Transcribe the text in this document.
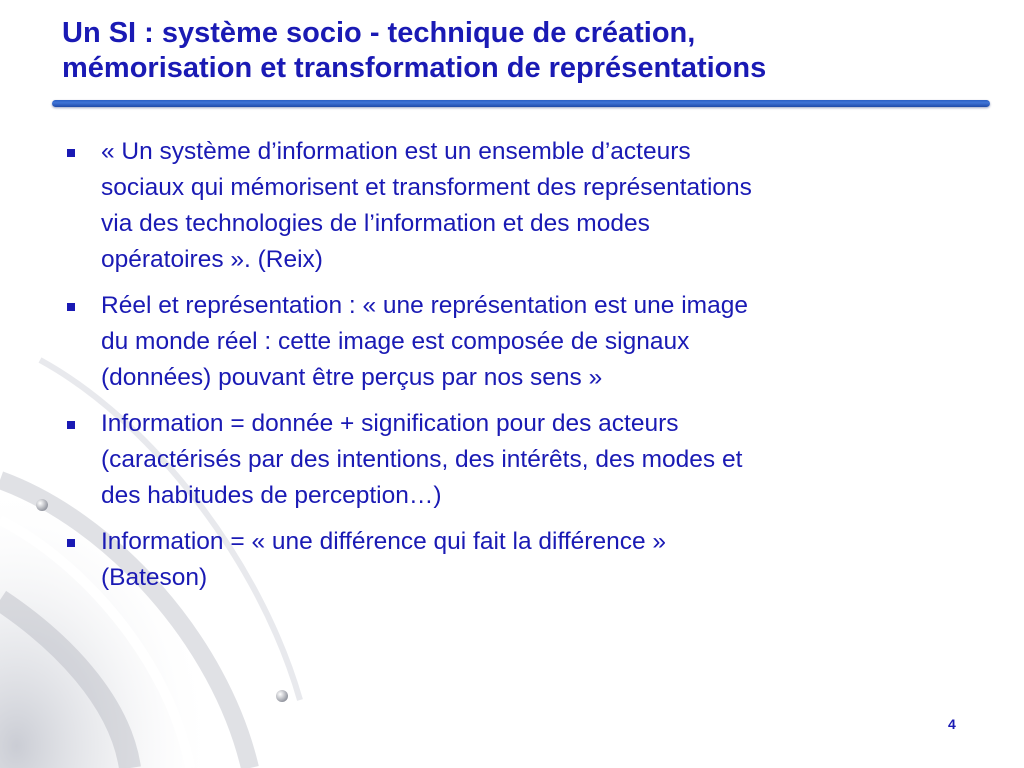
Un SI : système socio - technique de création,
mémorisation et transformation de représentations
« Un système d’information est un ensemble d’acteurs
sociaux qui mémorisent et transforment des représentations
via des technologies de l’information et des modes
opératoires ». (Reix)
Réel et représentation : « une représentation est une image
du monde réel : cette image est composée de signaux
(données) pouvant être perçus par nos sens »
Information = donnée + signification pour des acteurs
(caractérisés par des intentions, des intérêts, des modes et
des habitudes de perception…)
Information = « une différence qui fait la différence »
(Bateson)
4
